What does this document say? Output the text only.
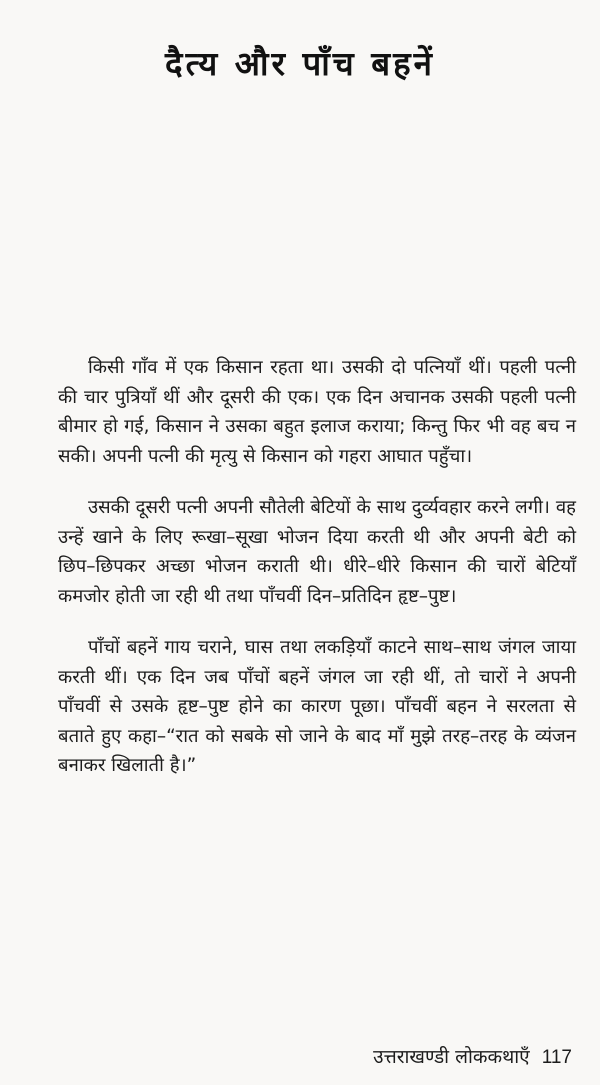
दैत्य और पाँच बहनें

किसी गाँव में एक किसान रहता था। उसकी दो पत्नियाँ थीं। पहली पत्नी की चार पुत्रियाँ थीं और दूसरी की एक। एक दिन अचानक उसकी पहली पत्नी बीमार हो गई, किसान ने उसका बहुत इलाज कराया; किन्तु फिर भी वह बच न सकी। अपनी पत्नी की मृत्यु से किसान को गहरा आघात पहुँचा।

उसकी दूसरी पत्नी अपनी सौतेली बेटियों के साथ दुर्व्यवहार करने लगी। वह उन्हें खाने के लिए रूखा–सूखा भोजन दिया करती थी और अपनी बेटी को छिप–छिपकर अच्छा भोजन कराती थी। धीरे–धीरे किसान की चारों बेटियाँ कमजोर होती जा रही थी तथा पाँचवीं दिन–प्रतिदिन हृष्ट–पुष्ट।

पाँचों बहनें गाय चराने, घास तथा लकड़ियाँ काटने साथ–साथ जंगल जाया करती थीं। एक दिन जब पाँचों बहनें जंगल जा रही थीं, तो चारों ने अपनी पाँचवीं से उसके हृष्ट–पुष्ट होने का कारण पूछा। पाँचवीं बहन ने सरलता से बताते हुए कहा–“रात को सबके सो जाने के बाद माँ मुझे तरह–तरह के व्यंजन बनाकर खिलाती है।”

उत्तराखण्डी लोककथाएँ 117
